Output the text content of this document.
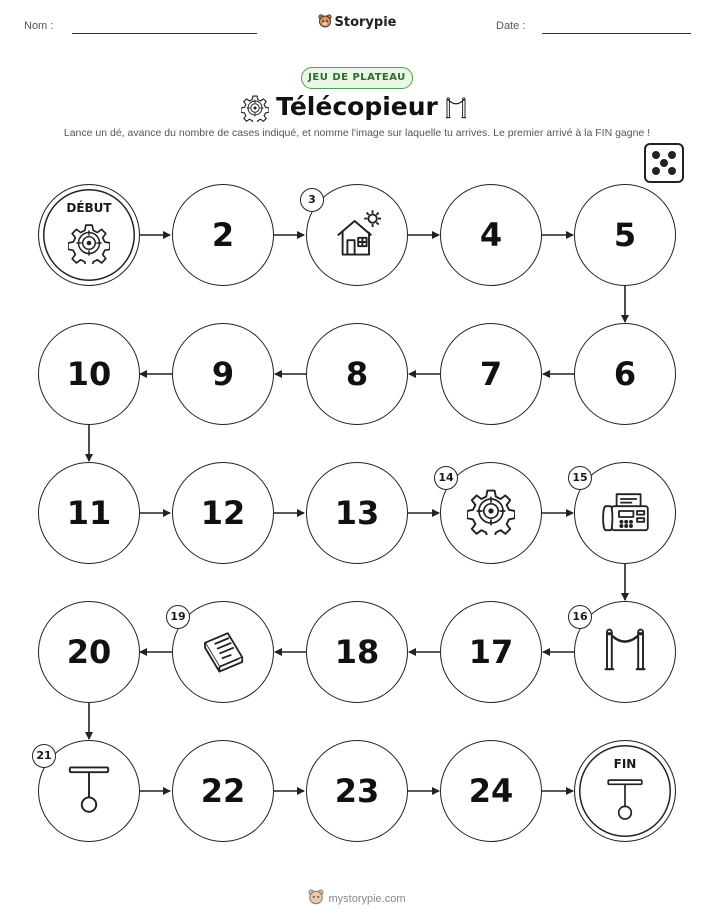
Nom :	Storypie	Date :
JEU DE PLATEAU
Télécopieur
Lance un dé, avance du nombre de cases indiqué, et nomme l'image sur laquelle tu arrives. Le premier arrivé à la FIN gagne !
DÉBUT
2
3
4	5
6
7
8
9
10
11	12	13
14	15
16
17
18
19
20
21
22	23	24
FIN
mystorypie.com
